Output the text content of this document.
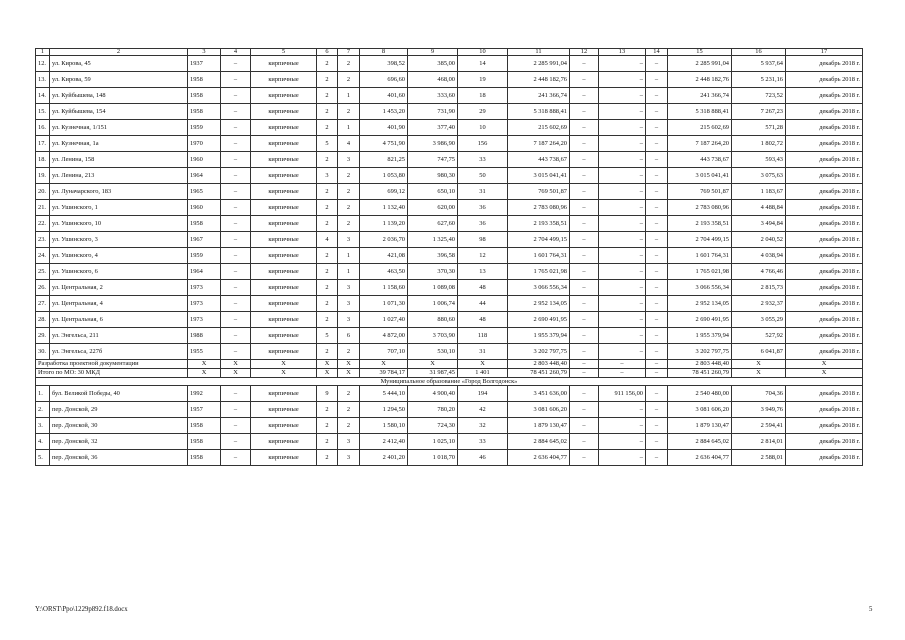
1	2	3	4	5	6	7	8	9	10	11	12	13	14	15	16	17
12.	ул. Кирова, 45	1937	–	кирпичные	2	2	398,52	385,00	14	2 285 991,04	–	–	–	2 285 991,04	5 937,64	декабрь 2018 г.
13.	ул. Кирова, 59	1958	–	кирпичные	2	2	696,60	468,00	19	2 448 182,76	–	–	–	2 448 182,76	5 231,16	декабрь 2018 г.
14.	ул. Куйбышева, 148	1958	–	кирпичные	2	1	401,60	333,60	18	241 366,74	–	–	–	241 366,74	723,52	декабрь 2018 г.
15.	ул. Куйбышева, 154	1958	–	кирпичные	2	2	1 453,20	731,90	29	5 318 888,41	–	–	–	5 318 888,41	7 267,23	декабрь 2018 г.
16.	ул. Кузнечная, 1/151	1959	–	кирпичные	2	1	401,90	377,40	10	215 602,69	–	–	–	215 602,69	571,28	декабрь 2018 г.
17.	ул. Кузнечная, 1а	1970	–	кирпичные	5	4	4 751,90	3 986,90	156	7 187 264,20	–	–	–	7 187 264,20	1 802,72	декабрь 2018 г.
18.	ул. Ленина, 158	1960	–	кирпичные	2	3	821,25	747,75	33	443 738,67	–	–	–	443 738,67	593,43	декабрь 2018 г.
19.	ул. Ленина, 213	1964	–	кирпичные	3	2	1 053,80	980,30	50	3 015 041,41	–	–	–	3 015 041,41	3 075,63	декабрь 2018 г.
20.	ул. Луначарского, 183	1965	–	кирпичные	2	2	699,12	650,10	31	769 501,87	–	–	–	769 501,87	1 183,67	декабрь 2018 г.
21.	ул. Ушинского, 1	1960	–	кирпичные	2	2	1 132,40	620,00	36	2 783 080,96	–	–	–	2 783 080,96	4 488,84	декабрь 2018 г.
22.	ул. Ушинского, 10	1958	–	кирпичные	2	2	1 139,20	627,60	36	2 193 358,51	–	–	–	2 193 358,51	3 494,84	декабрь 2018 г.
23.	ул. Ушинского, 3	1967	–	кирпичные	4	3	2 036,70	1 325,40	98	2 704 499,15	–	–	–	2 704 499,15	2 040,52	декабрь 2018 г.
24.	ул. Ушинского, 4	1959	–	кирпичные	2	1	421,08	396,58	12	1 601 764,31	–	–	–	1 601 764,31	4 038,94	декабрь 2018 г.
25.	ул. Ушинского, 6	1964	–	кирпичные	2	1	463,50	370,30	13	1 765 021,98	–	–	–	1 765 021,98	4 766,46	декабрь 2018 г.
26.	ул. Центральная, 2	1973	–	кирпичные	2	3	1 158,60	1 089,08	48	3 066 556,34	–	–	–	3 066 556,34	2 815,73	декабрь 2018 г.
27.	ул. Центральная, 4	1973	–	кирпичные	2	3	1 071,30	1 006,74	44	2 952 134,05	–	–	–	2 952 134,05	2 932,37	декабрь 2018 г.
28.	ул. Центральная, 6	1973	–	кирпичные	2	3	1 027,40	880,60	48	2 690 491,95	–	–	–	2 690 491,95	3 055,29	декабрь 2018 г.
29.	ул. Энгельса, 211	1988	–	кирпичные	5	6	4 872,00	3 703,90	118	1 955 379,94	–	–	–	1 955 379,94	527,92	декабрь 2018 г.
30.	ул. Энгельса, 227б	1955	–	кирпичные	2	2	707,10	530,10	31	3 202 797,75	–	–	–	3 202 797,75	6 041,87	декабрь 2018 г.
Разработка проектной документации		X	X	X	X	X	X	X	X	2 803 448,40	–	–	–	2 803 448,40	X	X
Итого по МО: 30 МКД		X	X	X	X	X	39 784,17	31 987,45	1 401	78 451 260,79	–	–	–	78 451 260,79	X	X
Муниципальное образование «Город Волгодонск»																
1.	бул. Великой Победы, 40	1992	–	кирпичные	9	2	5 444,10	4 900,40	194	3 451 636,00	–	911 156,00	–	2 540 480,00	704,36	декабрь 2018 г.
2.	пер. Донской, 29	1957	–	кирпичные	2	2	1 294,50	780,20	42	3 081 606,20	–	–	–	3 081 606,20	3 949,76	декабрь 2018 г.
3.	пер. Донской, 30	1958	–	кирпичные	2	2	1 580,10	724,30	32	1 879 130,47	–	–	–	1 879 130,47	2 594,41	декабрь 2018 г.
4.	пер. Донской, 32	1958	–	кирпичные	2	3	2 412,40	1 025,10	33	2 884 645,02	–	–	–	2 884 645,02	2 814,01	декабрь 2018 г.
5.	пер. Донской, 36	1958	–	кирпичные	2	3	2 401,20	1 018,70	46	2 636 404,77	–	–	–	2 636 404,77	2 588,01	декабрь 2018 г.
Y:\ORST\Ppo\1229p892.f18.docx	5
